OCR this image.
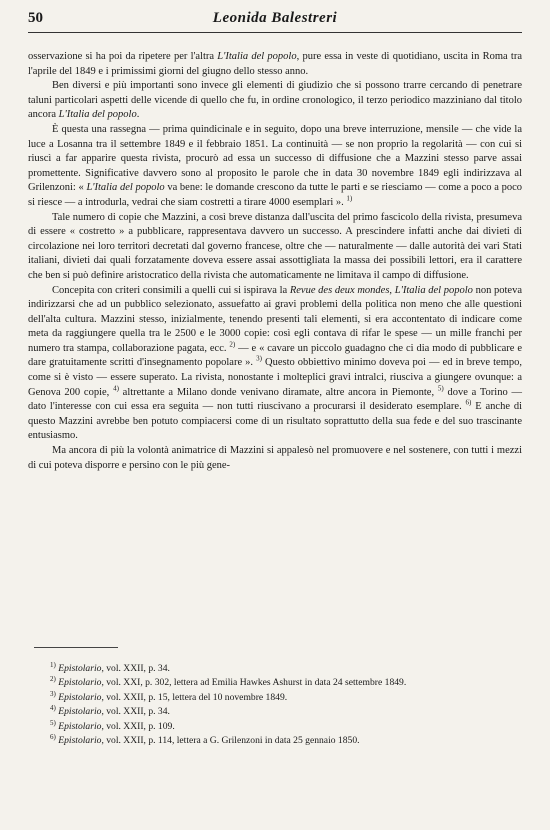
50	Leonida Balestreri

osservazione si ha poi da ripetere per l'altra L'Italia del popolo, pure essa in veste di quotidiano, uscita in Roma tra l'aprile del 1849 e i primissimi giorni del giugno dello stesso anno.

Ben diversi e più importanti sono invece gli elementi di giudizio che si possono trarre cercando di penetrare taluni particolari aspetti delle vicende di quello che fu, in ordine cronologico, il terzo periodico mazziniano dal titolo ancora L'Italia del popolo.

È questa una rassegna — prima quindicinale e in seguito, dopo una breve interruzione, mensile — che vide la luce a Losanna tra il settembre 1849 e il febbraio 1851. La continuità — se non proprio la regolarità — con cui si riuscì a far apparire questa rivista, procurò ad essa un successo di diffusione che a Mazzini stesso parve assai promettente. Significative davvero sono al proposito le parole che in data 30 novembre 1849 egli indirizzava al Grilenzoni: « L'Italia del popolo va bene: le domande crescono da tutte le parti e se riesciamo — come a poco a poco si riesce — a introdurla, vedrai che siam costretti a tirare 4000 esemplari ». $^{1)}$

Tale numero di copie che Mazzini, a così breve distanza dall'uscita del primo fascicolo della rivista, presumeva di essere « costretto » a pubblicare, rappresentava davvero un successo. A prescindere infatti anche dai divieti di circolazione nei loro territori decretati dal governo francese, oltre che — naturalmente — dalle autorità dei vari Stati italiani, divieti dai quali forzatamente doveva essere assai assottigliata la massa dei possibili lettori, era il carattere che ben si può definire aristocratico della rivista che automaticamente ne limitava il campo di diffusione.

Concepita con criteri consimili a quelli cui si ispirava la Revue des deux mondes, L'Italia del popolo non poteva indirizzarsi che ad un pubblico selezionato, assuefatto ai gravi problemi della politica non meno che alle questioni dell'alta cultura. Mazzini stesso, inizialmente, tenendo presenti tali elementi, si era accontentato di indicare come meta da raggiungere quella tra le 2500 e le 3000 copie: così egli contava di rifar le spese — un mille franchi per numero tra stampa, collaborazione pagata, ecc. $^{2)}$ — e « cavare un piccolo guadagno che ci dia modo di pubblicare e dare gratuitamente scritti d'insegnamento popolare ». $^{3)}$ Questo obbiettivo minimo doveva poi — ed in breve tempo, come si è visto — essere superato. La rivista, nonostante i molteplici gravi intralci, riusciva a giungere ovunque: a Genova 200 copie, $^{4)}$ altrettante a Milano donde venivano diramate, altre ancora in Piemonte, $^{5)}$ dove a Torino — dato l'interesse con cui essa era seguita — non tutti riuscivano a procurarsi il desiderato esemplare. $^{6)}$ E anche di questo Mazzini avrebbe ben potuto compiacersi come di un risultato soprattutto della sua fede e del suo trascinante entusiasmo.

Ma ancora di più la volontà animatrice di Mazzini si appalesò nel promuovere e nel sostenere, con tutti i mezzi di cui poteva disporre e persino con le più gene-

$^{1)}$ Epistolario, vol. XXII, p. 34.
$^{2)}$ Epistolario, vol. XXI, p. 302, lettera ad Emilia Hawkes Ashurst in data 24 settembre 1849.
$^{3)}$ Epistolario, vol. XXII, p. 15, lettera del 10 novembre 1849.
$^{4)}$ Epistolario, vol. XXII, p. 34.
$^{5)}$ Epistolario, vol. XXII, p. 109.
$^{6)}$ Epistolario, vol. XXII, p. 114, lettera a G. Grilenzoni in data 25 gennaio 1850.
